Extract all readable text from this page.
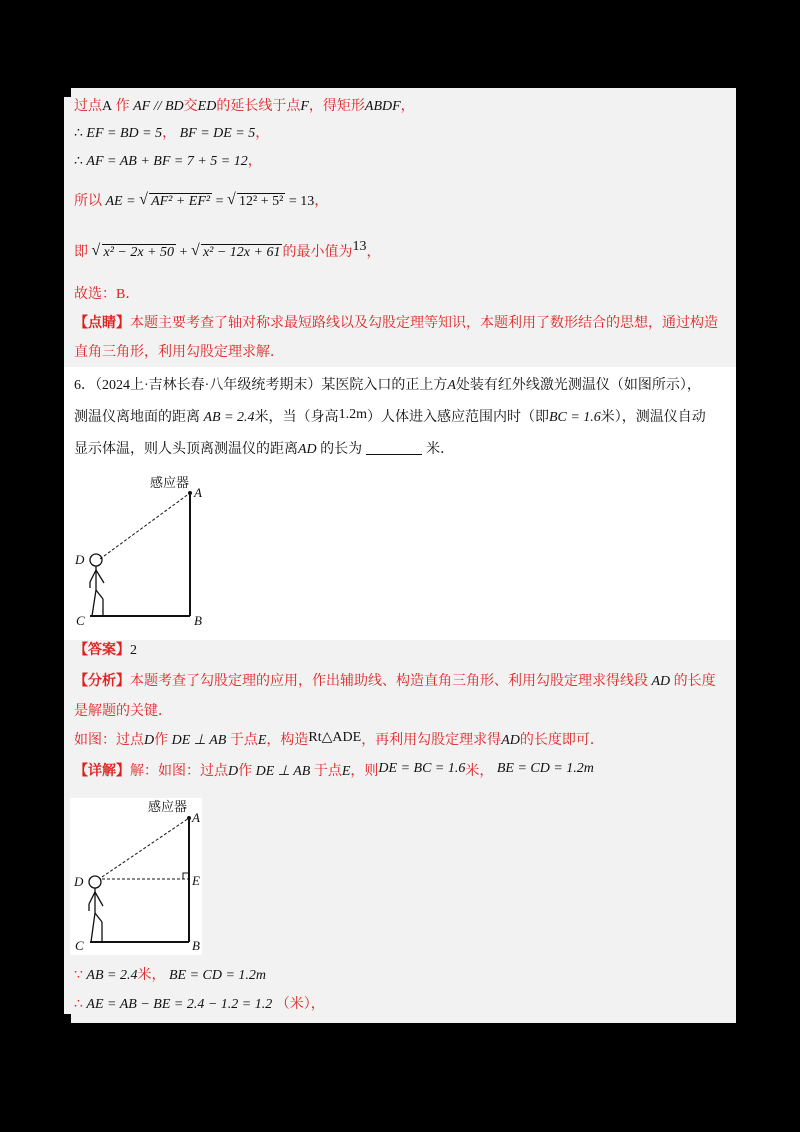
过点A 作 AF // BD交ED的延长线于点F，得矩形ABDF，
∴ EF = BD = 5， BF = DE = 5，
∴ AF = AB + BF = 7 + 5 = 12，
所以 AE = √ AF² + EF² = √ 12² + 5² = 13，
即 √ x² − 2x + 50 + √ x² − 12x + 61 的最小值为13，
故选：B．
【点睛】本题主要考查了轴对称求最短路线以及勾股定理等知识，本题利用了数形结合的思想，通过构造
直角三角形，利用勾股定理求解．
6．（2024上·吉林长春·八年级统考期末）某医院入口的正上方A处装有红外线激光测温仪（如图所示），
测温仪离地面的距离 AB = 2.4米，当（身高1.2m）人体进入感应范围内时（即BC = 1.6米），测温仪自动
显示体温，则人头顶离测温仪的距离AD 的长为	米．
感应器
A
B
C
D
【答案】2
【分析】本题考查了勾股定理的应用，作出辅助线、构造直角三角形、利用勾股定理求得线段 AD 的长度
是解题的关键．
如图：过点D作 DE ⊥ AB 于点E，构造Rt△ADE，再利用勾股定理求得AD的长度即可．
【详解】解：如图：过点D作 DE ⊥ AB 于点E，则DE = BC = 1.6米， BE = CD = 1.2m
感应器
A
E
B
C
D
∵ AB = 2.4米， BE = CD = 1.2m
∴ AE = AB − BE = 2.4 − 1.2 = 1.2 （米），
